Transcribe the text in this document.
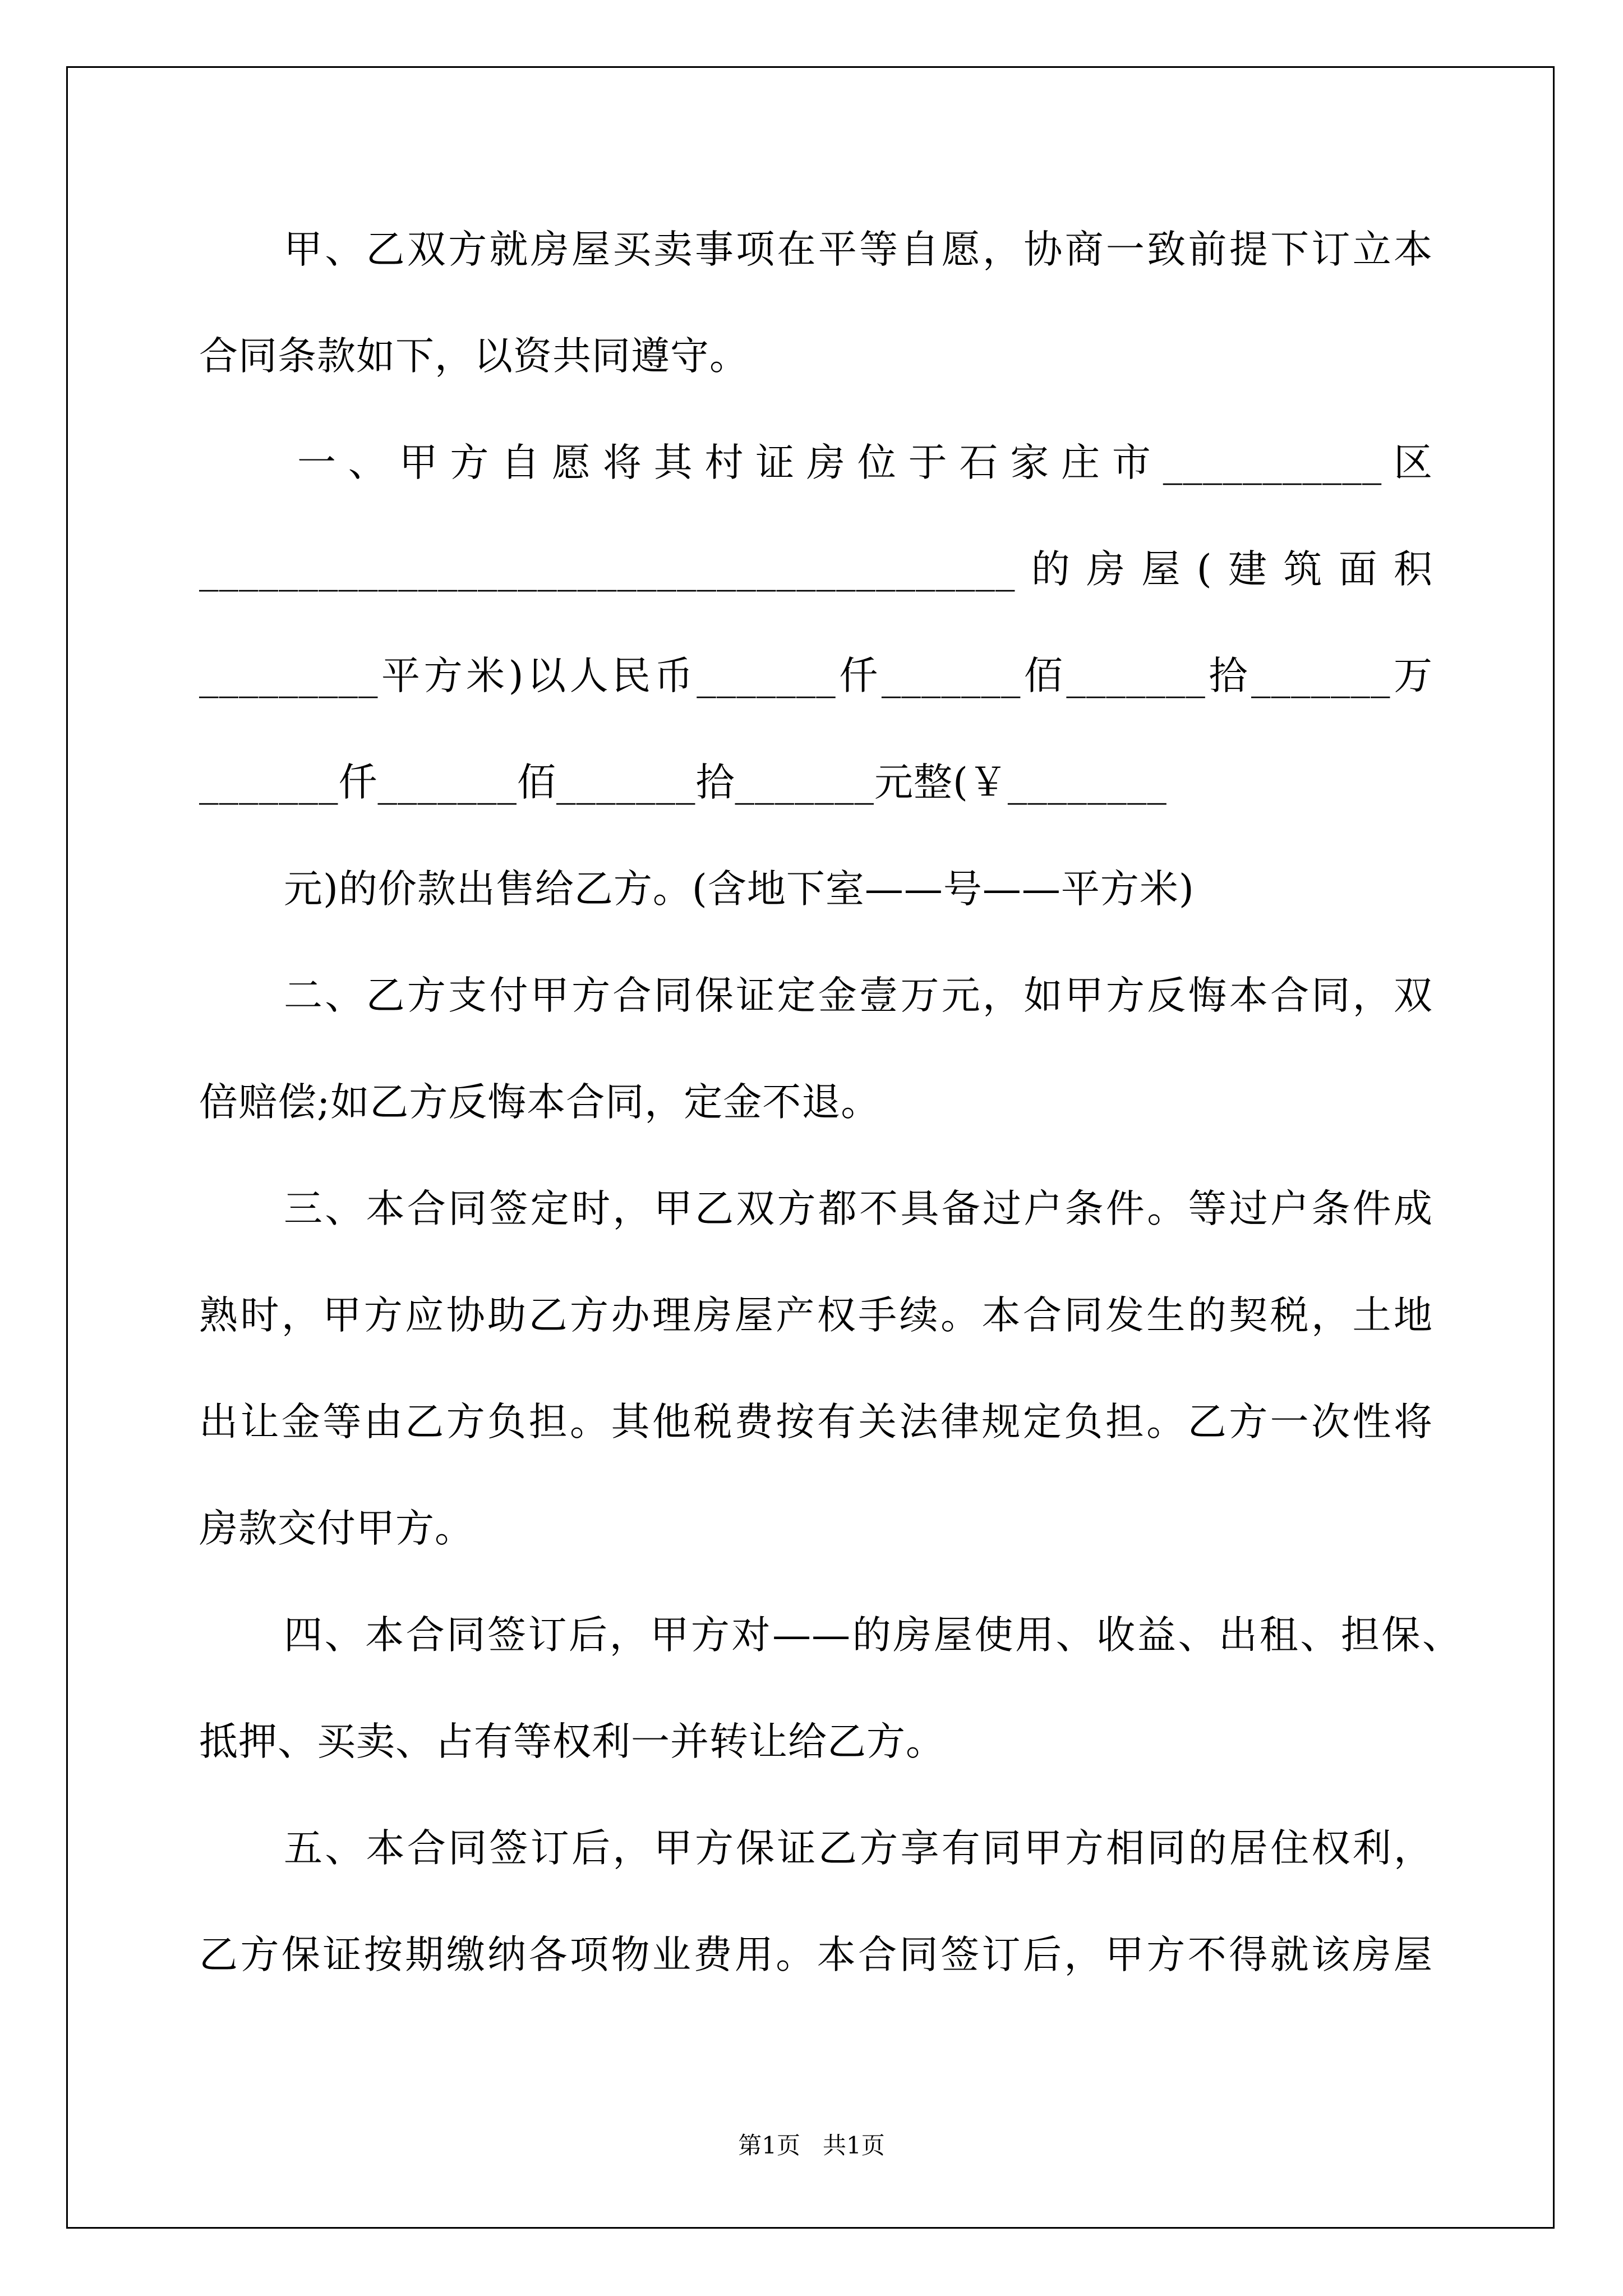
甲、乙双方就房屋买卖事项在平等自愿，协商一致前提下订立本
合同条款如下，以资共同遵守。
一、甲方自愿将其村证房位于石家庄市___________区
_________________________________________的房屋(建筑面积
_________平方米)以人民币_______仟_______佰_______拾_______万
_______仟_______佰_______拾_______元整(￥________
元)的价款出售给乙方。(含地下室——号——平方米)
二、乙方支付甲方合同保证定金壹万元，如甲方反悔本合同，双
倍赔偿;如乙方反悔本合同，定金不退。
三、本合同签定时，甲乙双方都不具备过户条件。等过户条件成
熟时，甲方应协助乙方办理房屋产权手续。本合同发生的契税，土地
出让金等由乙方负担。其他税费按有关法律规定负担。乙方一次性将
房款交付甲方。
四、本合同签订后，甲方对——的房屋使用、收益、出租、担保、
抵押、买卖、占有等权利一并转让给乙方。
五、本合同签订后，甲方保证乙方享有同甲方相同的居住权利，
乙方保证按期缴纳各项物业费用。本合同签订后，甲方不得就该房屋
第1页   共1页
